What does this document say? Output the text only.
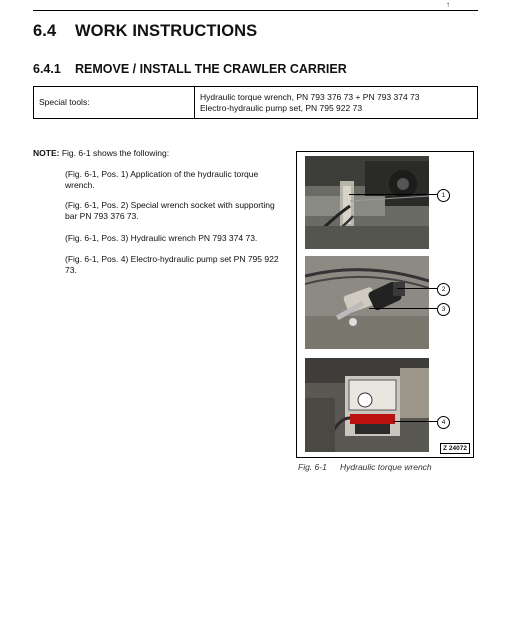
↑
6.4 WORK INSTRUCTIONS
6.4.1 REMOVE / INSTALL THE CRAWLER CARRIER
Special tools:	Hydraulic torque wrench, PN 793 376 73 + PN 793 374 73
Electro-hydraulic pump set, PN 795 922 73
NOTE: Fig. 6-1 shows the following:
(Fig. 6-1, Pos. 1) Application of the hydraulic torque wrench.
(Fig. 6-1, Pos. 2) Special wrench socket with supporting bar PN 793 376 73.
(Fig. 6-1, Pos. 3) Hydraulic wrench PN 793 374 73.
(Fig. 6-1, Pos. 4) Electro-hydraulic pump set PN 795 922 73.
1
2
3
4
Z 24072
Fig. 6-1 Hydraulic torque wrench
